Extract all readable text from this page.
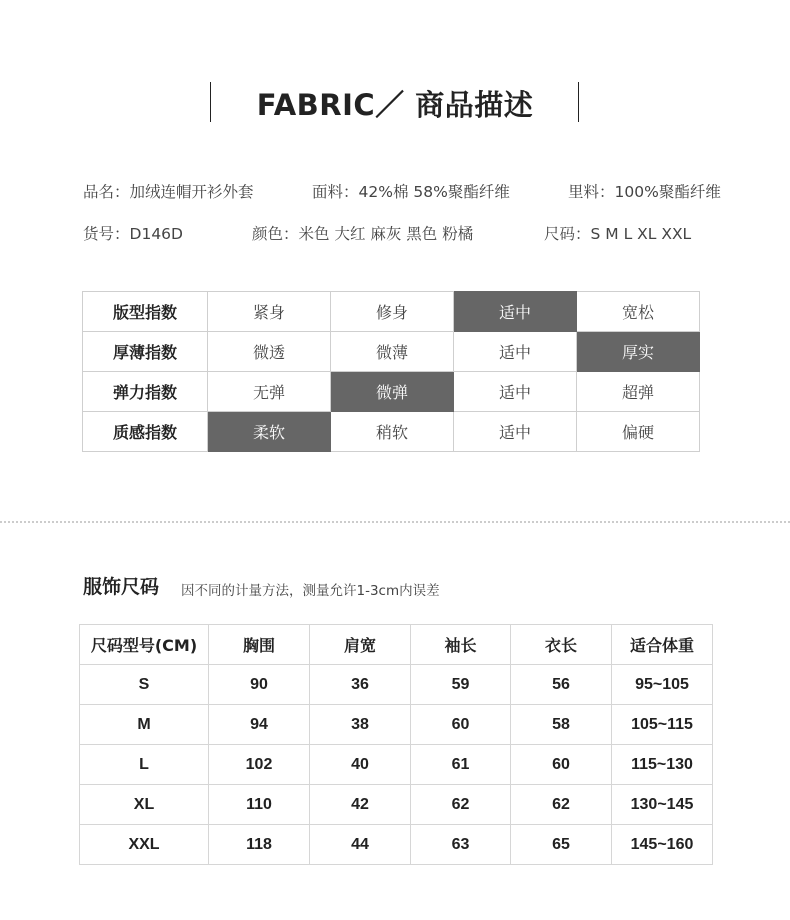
FABRIC／ 商品描述
品名：加绒连帽开衫外套	面料：42%棉 58%聚酯纤维	里料：100%聚酯纤维
货号：D146D	颜色：米色 大红 麻灰 黑色 粉橘	尺码：S M L XL XXL
版型指数	紧身	修身	适中	宽松
厚薄指数	微透	微薄	适中	厚实
弹力指数	无弹	微弹	适中	超弹
质感指数	柔软	稍软	适中	偏硬
服饰尺码 因不同的计量方法，测量允许1-3cm内误差
尺码型号(CM)	胸围	肩宽	袖长	衣长	适合体重
S	90	36	59	56	95~105
M	94	38	60	58	105~115
L	102	40	61	60	115~130
XL	110	42	62	62	130~145
XXL	118	44	63	65	145~160
